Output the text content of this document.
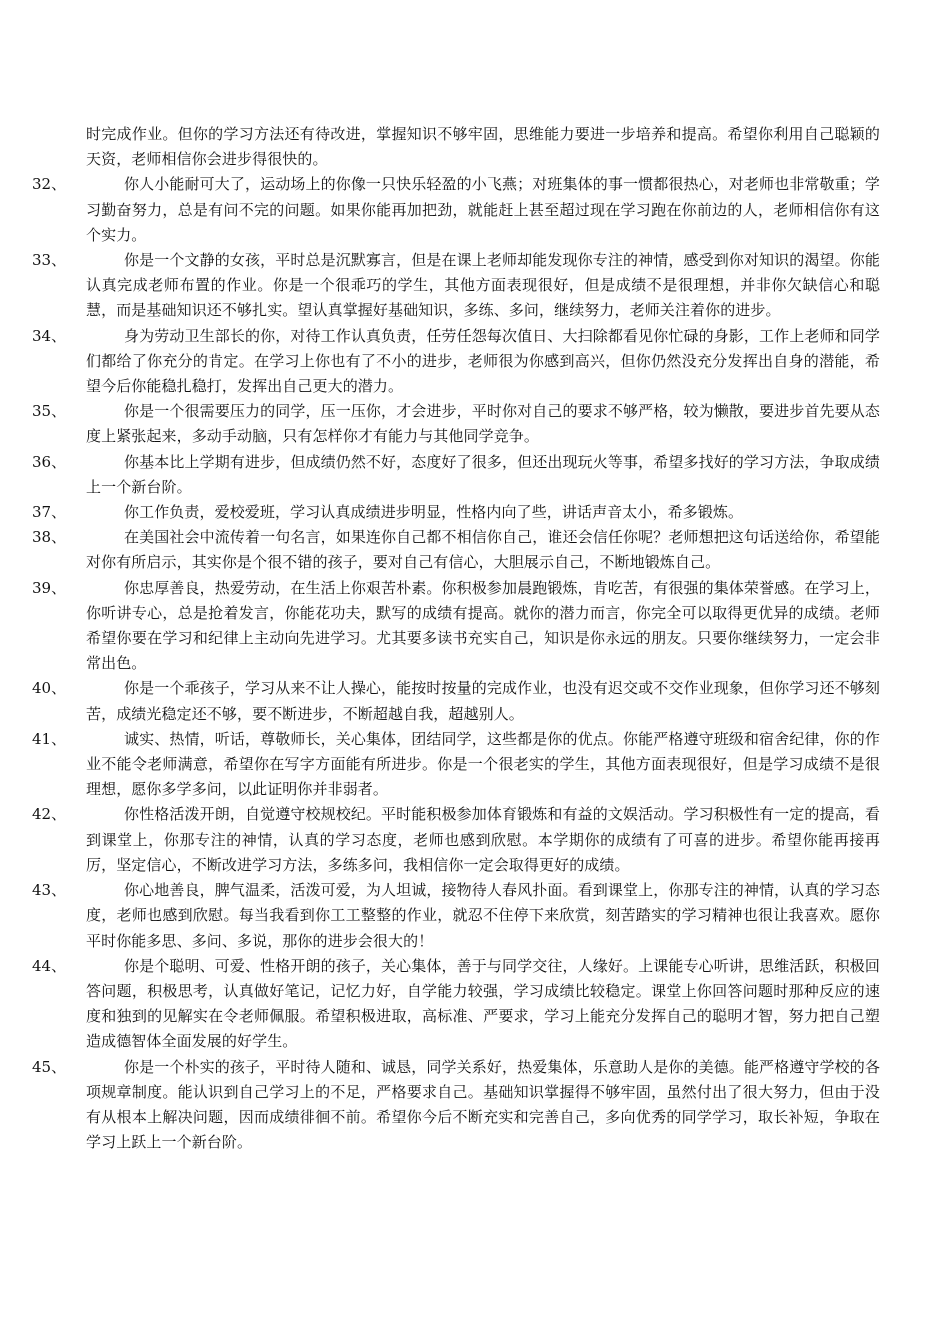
时完成作业。但你的学习方法还有待改进，掌握知识不够牢固，思维能力要进一步培养和提高。希望你利用自己聪颖的天资，老师相信你会进步得很快的。

32、	你人小能耐可大了，运动场上的你像一只快乐轻盈的小飞燕；对班集体的事一惯都很热心，对老师也非常敬重；学习勤奋努力，总是有问不完的问题。如果你能再加把劲，就能赶上甚至超过现在学习跑在你前边的人，老师相信你有这个实力。

33、	你是一个文静的女孩，平时总是沉默寡言，但是在课上老师却能发现你专注的神情，感受到你对知识的渴望。你能认真完成老师布置的作业。你是一个很乖巧的学生，其他方面表现很好，但是成绩不是很理想，并非你欠缺信心和聪慧，而是基础知识还不够扎实。望认真掌握好基础知识，多练、多问，继续努力，老师关注着你的进步。

34、	身为劳动卫生部长的你，对待工作认真负责，任劳任怨每次值日、大扫除都看见你忙碌的身影，工作上老师和同学们都给了你充分的肯定。在学习上你也有了不小的进步，老师很为你感到高兴，但你仍然没充分发挥出自身的潜能，希望今后你能稳扎稳打，发挥出自己更大的潜力。

35、	你是一个很需要压力的同学，压一压你，才会进步，平时你对自己的要求不够严格，较为懒散，要进步首先要从态度上紧张起来，多动手动脑，只有怎样你才有能力与其他同学竞争。

36、	你基本比上学期有进步，但成绩仍然不好，态度好了很多，但还出现玩火等事，希望多找好的学习方法，争取成绩上一个新台阶。

37、	你工作负责，爱校爱班，学习认真成绩进步明显，性格内向了些，讲话声音太小，希多锻炼。

38、	在美国社会中流传着一句名言，如果连你自己都不相信你自己，谁还会信任你呢？老师想把这句话送给你，希望能对你有所启示，其实你是个很不错的孩子，要对自己有信心，大胆展示自己，不断地锻炼自己。

39、	你忠厚善良，热爱劳动，在生活上你艰苦朴素。你积极参加晨跑锻炼，肯吃苦，有很强的集体荣誉感。在学习上，你听讲专心，总是抢着发言，你能花功夫，默写的成绩有提高。就你的潜力而言，你完全可以取得更优异的成绩。老师希望你要在学习和纪律上主动向先进学习。尤其要多读书充实自己，知识是你永远的朋友。只要你继续努力，一定会非常出色。

40、	你是一个乖孩子，学习从来不让人操心，能按时按量的完成作业，也没有迟交或不交作业现象，但你学习还不够刻苦，成绩光稳定还不够，要不断进步，不断超越自我，超越别人。

41、	诚实、热情，听话，尊敬师长，关心集体，团结同学，这些都是你的优点。你能严格遵守班级和宿舍纪律，你的作业不能令老师满意，希望你在写字方面能有所进步。你是一个很老实的学生，其他方面表现很好，但是学习成绩不是很理想，愿你多学多问，以此证明你并非弱者。

42、	你性格活泼开朗，自觉遵守校规校纪。平时能积极参加体育锻炼和有益的文娱活动。学习积极性有一定的提高，看到课堂上，你那专注的神情，认真的学习态度，老师也感到欣慰。本学期你的成绩有了可喜的进步。希望你能再接再厉，坚定信心，不断改进学习方法，多练多问，我相信你一定会取得更好的成绩。

43、	你心地善良，脾气温柔，活泼可爱，为人坦诚，接物待人春风扑面。看到课堂上，你那专注的神情，认真的学习态度，老师也感到欣慰。每当我看到你工工整整的作业，就忍不住停下来欣赏，刻苦踏实的学习精神也很让我喜欢。愿你平时你能多思、多问、多说，那你的进步会很大的！

44、	你是个聪明、可爱、性格开朗的孩子，关心集体，善于与同学交往，人缘好。上课能专心听讲，思维活跃，积极回答问题，积极思考，认真做好笔记，记忆力好，自学能力较强，学习成绩比较稳定。课堂上你回答问题时那种反应的速度和独到的见解实在令老师佩服。希望积极进取，高标准、严要求，学习上能充分发挥自己的聪明才智，努力把自己塑造成德智体全面发展的好学生。

45、	你是一个朴实的孩子，平时待人随和、诚恳，同学关系好，热爱集体，乐意助人是你的美德。能严格遵守学校的各项规章制度。能认识到自己学习上的不足，严格要求自己。基础知识掌握得不够牢固，虽然付出了很大努力，但由于没有从根本上解决问题，因而成绩徘徊不前。希望你今后不断充实和完善自己，多向优秀的同学学习，取长补短，争取在学习上跃上一个新台阶。
